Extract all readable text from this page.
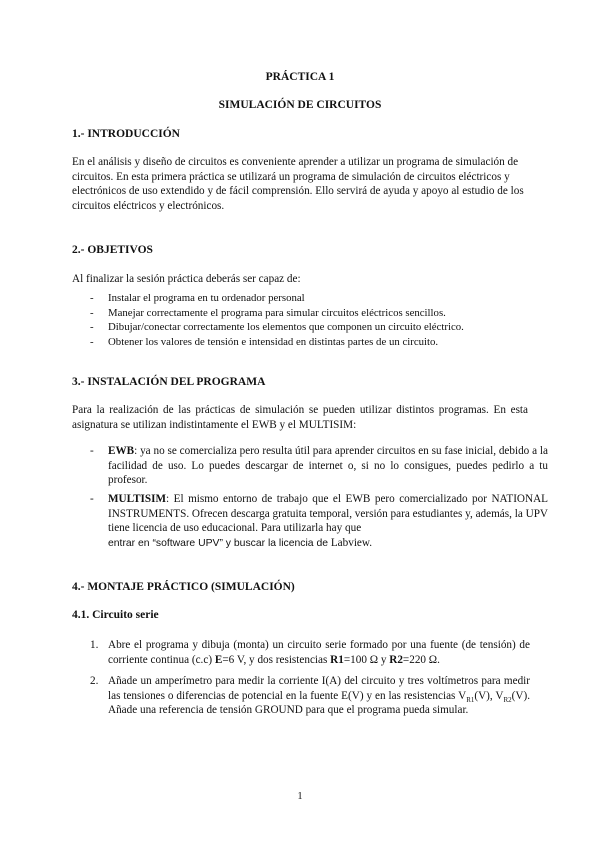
PRÁCTICA 1
SIMULACIÓN DE CIRCUITOS
1.- INTRODUCCIÓN

En el análisis y diseño de circuitos es conveniente aprender a utilizar un programa de simulación de circuitos. En esta primera práctica se utilizará un programa de simulación de circuitos eléctricos y electrónicos de uso extendido y de fácil comprensión. Ello servirá de ayuda y apoyo al estudio de los circuitos eléctricos y electrónicos.

2.- OBJETIVOS

Al finalizar la sesión práctica deberás ser capaz de:

- Instalar el programa en tu ordenador personal
- Manejar correctamente el programa para simular circuitos eléctricos sencillos.
- Dibujar/conectar correctamente los elementos que componen un circuito eléctrico.
- Obtener los valores de tensión e intensidad en distintas partes de un circuito.
3.- INSTALACIÓN DEL PROGRAMA

Para la realización de las prácticas de simulación se pueden utilizar distintos programas. En esta asignatura se utilizan indistintamente el EWB y el MULTISIM:

- EWB: ya no se comercializa pero resulta útil para aprender circuitos en su fase inicial, debido a la facilidad de uso. Lo puedes descargar de internet o, si no lo consigues, puedes pedirlo a tu profesor.
- MULTISIM: El mismo entorno de trabajo que el EWB pero comercializado por NATIONAL INSTRUMENTS. Ofrecen descarga gratuita temporal, versión para estudiantes y, además, la UPV tiene licencia de uso educacional. Para utilizarla hay que
entrar en “software UPV” y buscar la licencia de Labview.
4.- MONTAJE PRÁCTICO (SIMULACIÓN)
4.1. Circuito serie
1. Abre el programa y dibuja (monta) un circuito serie formado por una fuente (de tensión) de corriente continua (c.c) E=6 V, y dos resistencias R1=100 Ω y R2=220 Ω.
2. Añade un amperímetro para medir la corriente I(A) del circuito y tres voltímetros para medir las tensiones o diferencias de potencial en la fuente E(V) y en las resistencias $V_{R1}(V)$, $V_{R2}(V)$. Añade una referencia de tensión GROUND para que el programa pueda simular.
1
